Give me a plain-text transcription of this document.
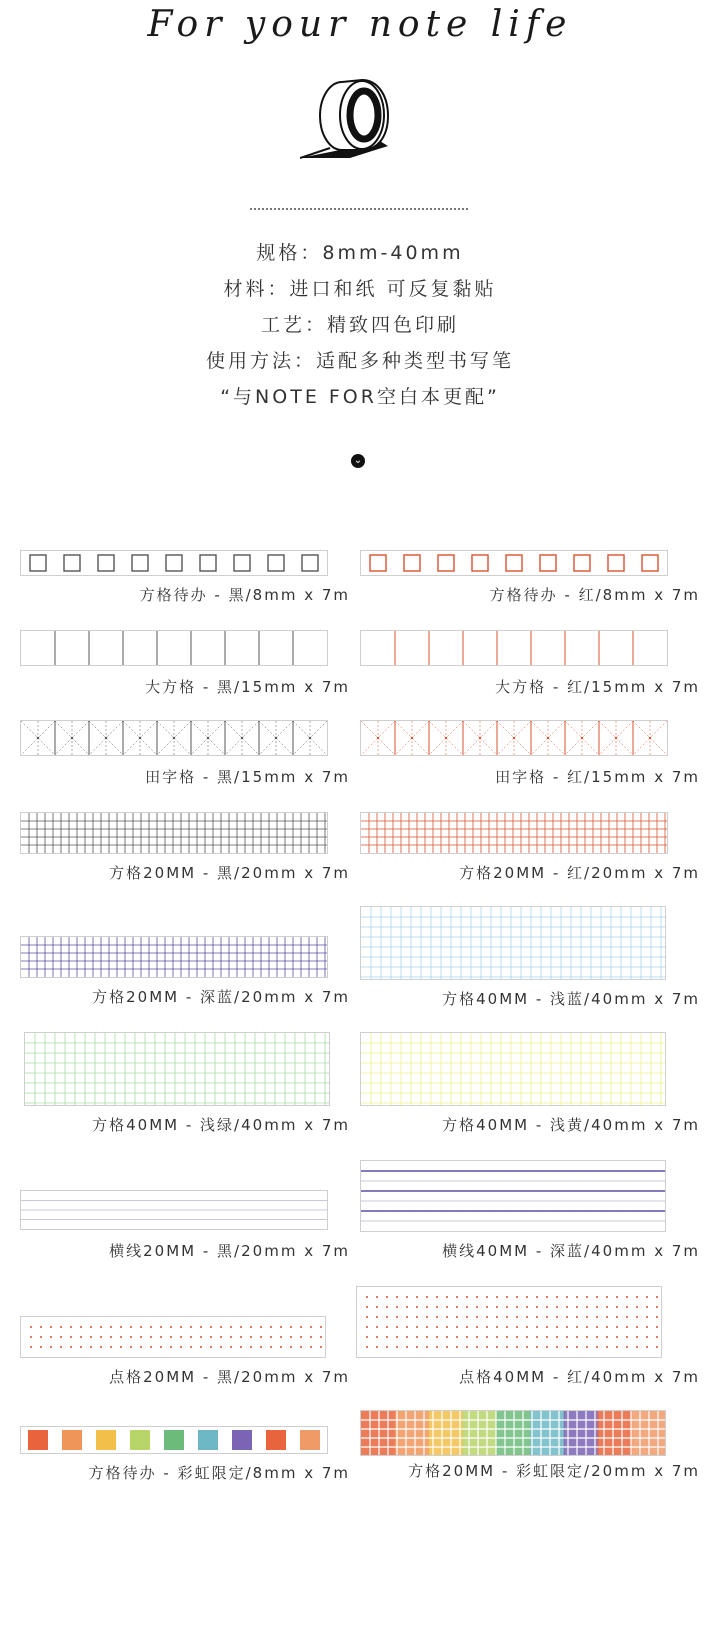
For your note life
规格：8mm-40mm
材料：进口和纸 可反复黏贴
工艺：精致四色印刷
使用方法：适配多种类型书写笔
“与NOTE FOR空白本更配”
⌄
方格待办 - 黑/8mm x 7m	方格待办 - 红/8mm x 7m
大方格 - 黑/15mm x 7m	大方格 - 红/15mm x 7m
田字格 - 黑/15mm x 7m	田字格 - 红/15mm x 7m
方格20MM - 黑/20mm x 7m	方格20MM - 红/20mm x 7m
方格20MM - 深蓝/20mm x 7m	方格40MM - 浅蓝/40mm x 7m
方格40MM - 浅绿/40mm x 7m	方格40MM - 浅黄/40mm x 7m
横线20MM - 黑/20mm x 7m	横线40MM - 深蓝/40mm x 7m
点格20MM - 黑/20mm x 7m	点格40MM - 红/40mm x 7m
方格待办 - 彩虹限定/8mm x 7m	方格20MM - 彩虹限定/20mm x 7m
